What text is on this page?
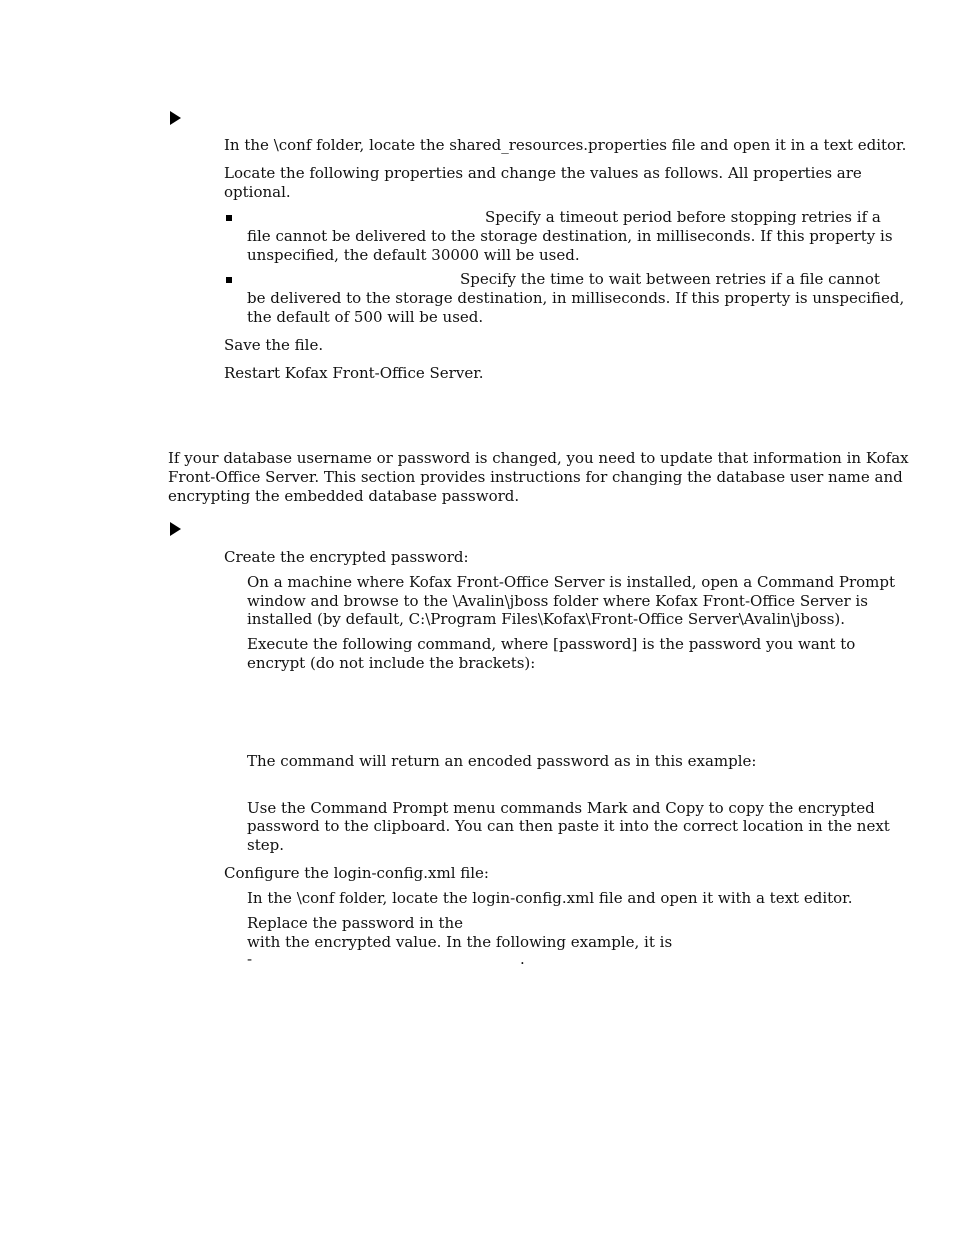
In the \conf folder, locate the shared_resources.properties file and open it in a text editor.
Locate the following properties and change the values as follows. All properties are
optional.
Specify a timeout period before stopping retries if a
file cannot be delivered to the storage destination, in milliseconds. If this property is
unspecified, the default 30000 will be used.
Specify the time to wait between retries if a file cannot
be delivered to the storage destination, in milliseconds. If this property is unspecified,
the default of 500 will be used.
Save the file.
Restart Kofax Front-Office Server.
If your database username or password is changed, you need to update that information in Kofax
Front-Office Server. This section provides instructions for changing the database user name and
encrypting the embedded database password.
Create the encrypted password:
On a machine where Kofax Front-Office Server is installed, open a Command Prompt
window and browse to the \Avalin\jboss folder where Kofax Front-Office Server is
installed (by default, C:\Program Files\Kofax\Front-Office Server\Avalin\jboss).
Execute the following command, where [password] is the password you want to
encrypt (do not include the brackets):
The command will return an encoded password as in this example:
Use the Command Prompt menu commands Mark and Copy to copy the encrypted
password to the clipboard. You can then paste it into the correct location in the next
step.
Configure the login-config.xml file:
In the \conf folder, locate the login-config.xml file and open it with a text editor.
Replace the password in the
with the encrypted value. In the following example, it is
-	.
